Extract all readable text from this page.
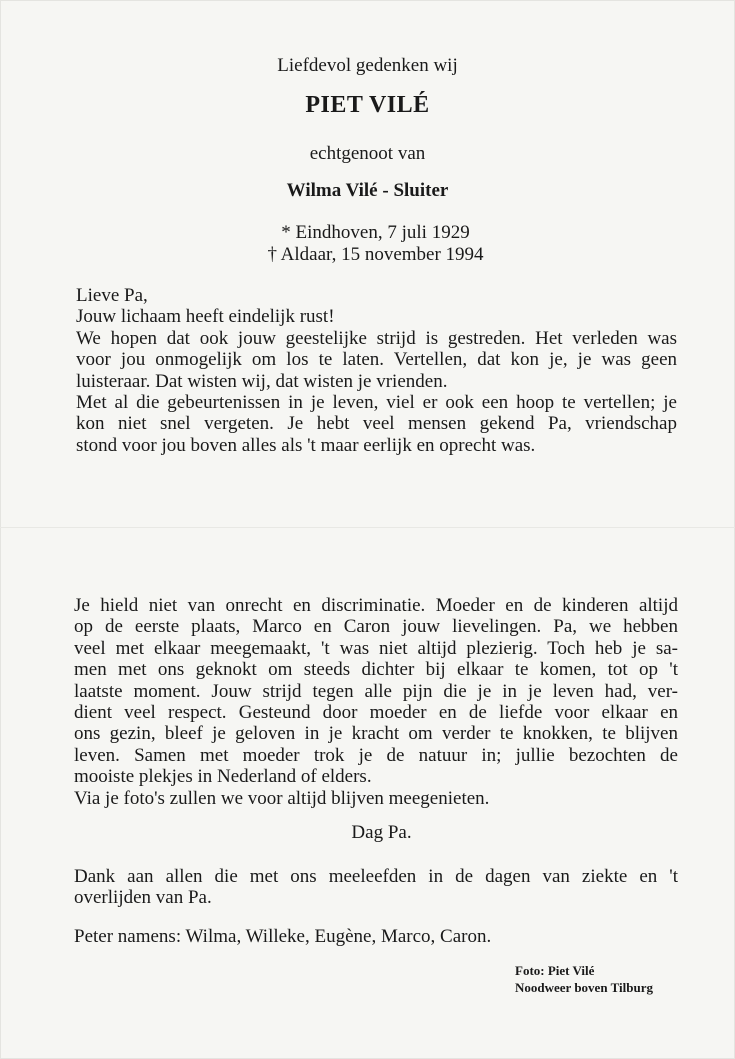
Liefdevol gedenken wij
PIET VILÉ
echtgenoot van
Wilma Vilé - Sluiter
* Eindhoven, 7 juli 1929
† Aldaar, 15 november 1994
Lieve Pa,
Jouw lichaam heeft eindelijk rust!
We hopen dat ook jouw geestelijke strijd is gestreden. Het verleden was
voor jou onmogelijk om los te laten. Vertellen, dat kon je, je was geen
luisteraar. Dat wisten wij, dat wisten je vrienden.
Met al die gebeurtenissen in je leven, viel er ook een hoop te vertellen; je
kon niet snel vergeten. Je hebt veel mensen gekend Pa, vriendschap
stond voor jou boven alles als 't maar eerlijk en oprecht was.
Je hield niet van onrecht en discriminatie. Moeder en de kinderen altijd
op de eerste plaats, Marco en Caron jouw lievelingen. Pa, we hebben
veel met elkaar meegemaakt, 't was niet altijd plezierig. Toch heb je sa-
men met ons geknokt om steeds dichter bij elkaar te komen, tot op 't
laatste moment. Jouw strijd tegen alle pijn die je in je leven had, ver-
dient veel respect. Gesteund door moeder en de liefde voor elkaar en
ons gezin, bleef je geloven in je kracht om verder te knokken, te blijven
leven. Samen met moeder trok je de natuur in; jullie bezochten de
mooiste plekjes in Nederland of elders.
Via je foto's zullen we voor altijd blijven meegenieten.
Dag Pa.
Dank aan allen die met ons meeleefden in de dagen van ziekte en 't
overlijden van Pa.
Peter namens: Wilma, Willeke, Eugène, Marco, Caron.
Foto: Piet Vilé
Noodweer boven Tilburg
